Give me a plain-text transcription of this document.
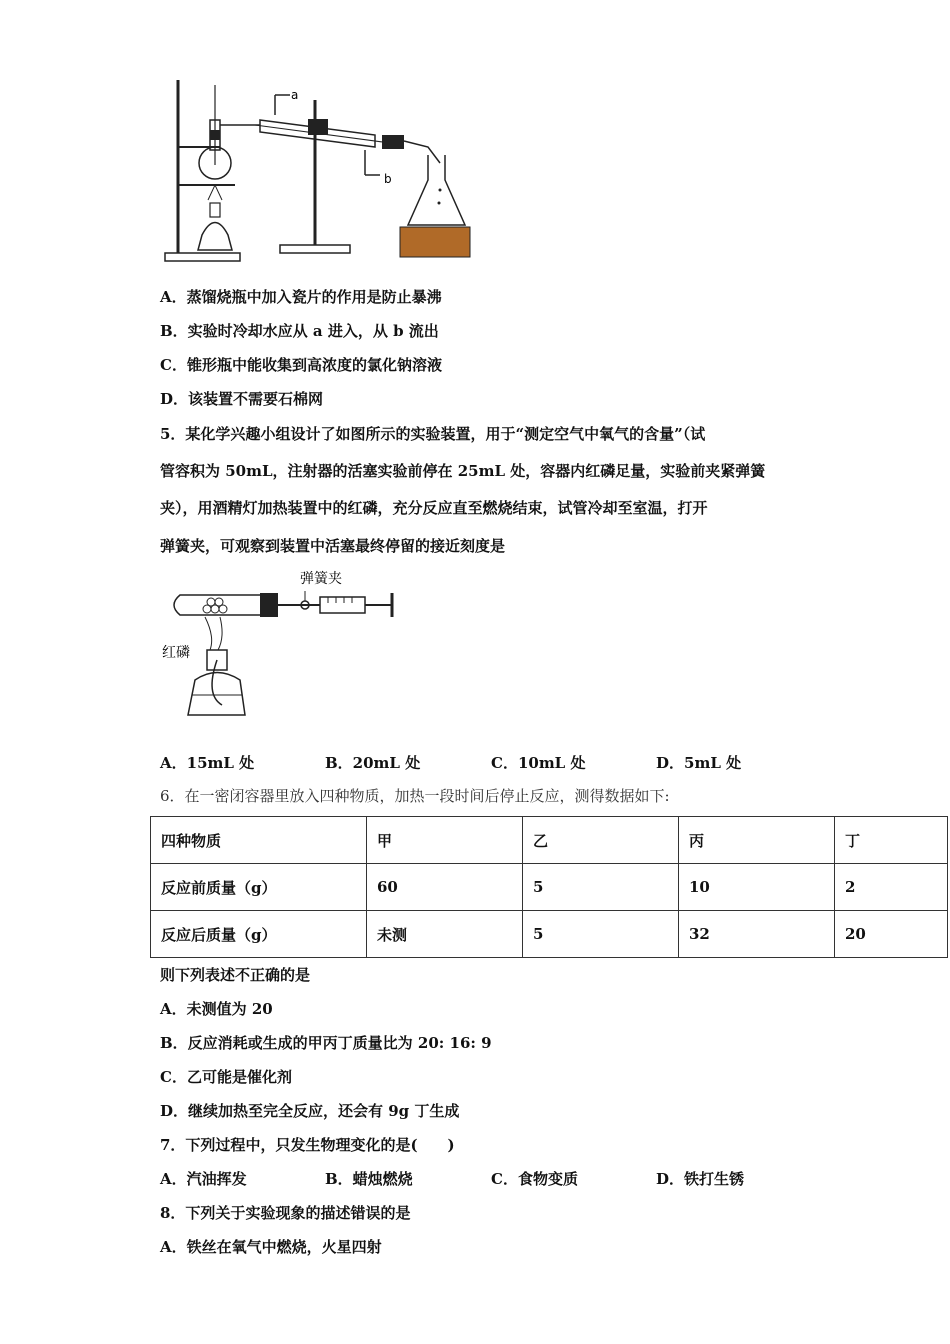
a
b
A．蒸馏烧瓶中加入瓷片的作用是防止暴沸
B．实验时冷却水应从 a 进入，从 b 流出
C．锥形瓶中能收集到高浓度的氯化钠溶液
D．该装置不需要石棉网
5．某化学兴趣小组设计了如图所示的实验装置，用于“测定空气中氧气的含量”（试
管容积为 50mL，注射器的活塞实验前停在 25mL 处，容器内红磷足量，实验前夹紧弹簧
夹），用酒精灯加热装置中的红磷，充分反应直至燃烧结束，试管冷却至室温，打开
弹簧夹，可观察到装置中活塞最终停留的接近刻度是
弹簧夹
红磷
A．15mL 处	B．20mL 处	C．10mL 处	D．5mL 处
6．在一密闭容器里放入四种物质，加热一段时间后停止反应，测得数据如下:
四种物质	甲	乙	丙	丁
反应前质量（g）	60	5	10	2
反应后质量（g）	未测	5	32	20
则下列表述不正确的是
A．未测值为 20
B．反应消耗或生成的甲丙丁质量比为 20: 16: 9
C．乙可能是催化剂
D．继续加热至完全反应，还会有 9g 丁生成
7．下列过程中，只发生物理变化的是(　　)
A．汽油挥发	B．蜡烛燃烧	C．食物变质	D．铁打生锈
8．下列关于实验现象的描述错误的是
A．铁丝在氧气中燃烧，火星四射
